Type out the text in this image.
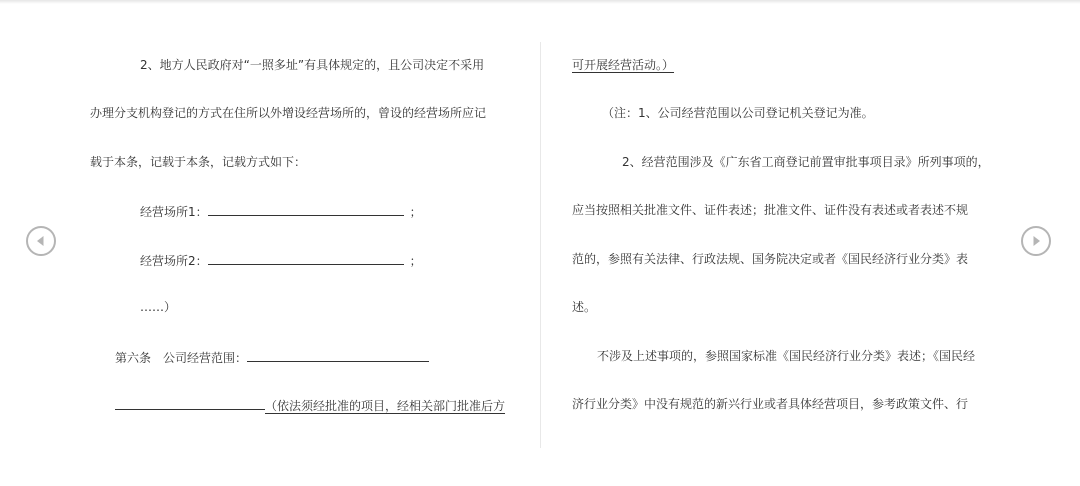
2、地方人民政府对“一照多址”有具体规定的，且公司决定不采用
办理分支机构登记的方式在住所以外增设经营场所的，曾设的经营场所应记
载于本条，记载于本条，记载方式如下：
经营场所1：	；
经营场所2：	；
……）
第六条　公司经营范围：
（依法须经批准的项目，经相关部门批准后方
可开展经营活动。）
（注：1、公司经营范围以公司登记机关登记为准。
2、经营范围涉及《广东省工商登记前置审批事项目录》所列事项的，
应当按照相关批准文件、证件表述；批准文件、证件没有表述或者表述不规
范的，参照有关法律、行政法规、国务院决定或者《国民经济行业分类》表
述。
不涉及上述事项的，参照国家标准《国民经济行业分类》表述；《国民经
济行业分类》中没有规范的新兴行业或者具体经营项目，参考政策文件、行
